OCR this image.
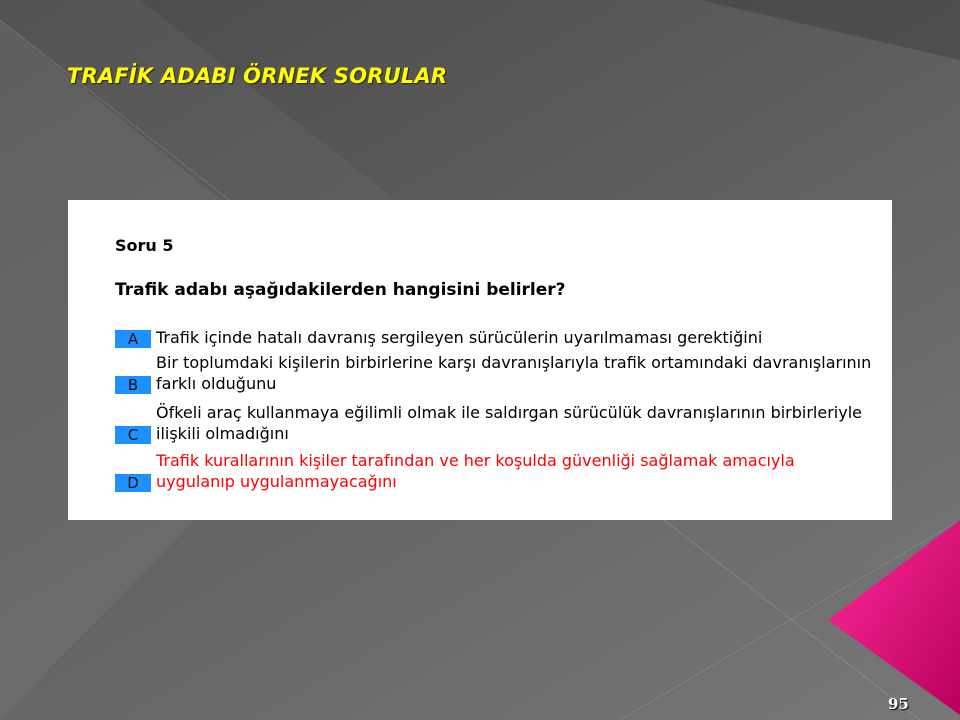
TRAFİK ADABI ÖRNEK SORULAR
Soru 5
Trafik adabı aşağıdakilerden hangisini belirler?
A	Trafik içinde hatalı davranış sergileyen sürücülerin uyarılmaması gerektiğini
B
Bir toplumdaki kişilerin birbirlerine karşı davranışlarıyla trafik ortamındaki davranışlarının farklı olduğunu
C
Öfkeli araç kullanmaya eğilimli olmak ile saldırgan sürücülük davranışlarının birbirleriyle ilişkili olmadığını
D
Trafik kurallarının kişiler tarafından ve her koşulda güvenliği sağlamak amacıyla uygulanıp uygulanmayacağını
95
